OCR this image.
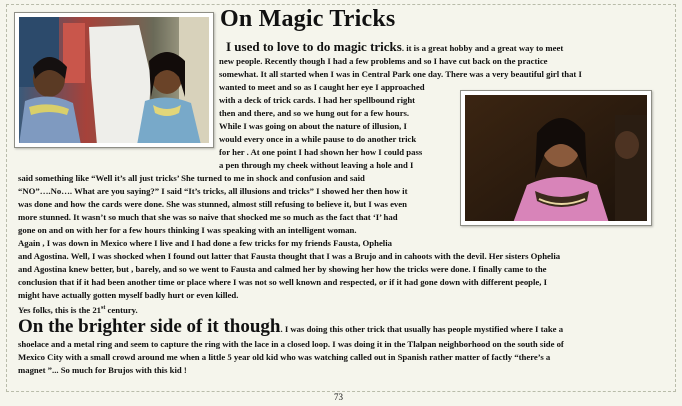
On Magic Tricks
I used to love to do magic tricks. it is a great hobby and a great way to meet
new people. Recently though I had a few problems and so I have cut back on the practice
somewhat. It all started when I was in Central Park one day. There was a very beautiful girl that I
wanted to meet and so as I caught her eye I approached
with a deck of trick cards. I had her spellbound right
then and there, and so we hung out for a few hours.
While I was going on about the nature of illusion, I
would every once in a while pause to do another trick
for her . At one point I had shown her how I could pass
a pen through my cheek without leaving a hole and I
said something like “Well it’s all just tricks’ She turned to me in shock and confusion and said
“NO”….No…. What are you saying?” I said “It’s tricks, all illusions and tricks” I showed her then how it
was done and how the cards were done. She was stunned, almost still refusing to believe it, but I was even
more stunned. It wasn’t so much that she was so naive that shocked me so much as the fact that ‘I’ had
gone on and on with her for a few hours thinking I was speaking with an intelligent woman.
Again , I was down in Mexico where I live and I had done a few tricks for my friends Fausta, Ophelia
and Agostina. Well, I was shocked when I found out latter that Fausta thought that I was a Brujo and in cahoots with the devil. Her sisters Ophelia
and Agostina knew better, but , barely, and so we went to Fausta and calmed her by showing her how the tricks were done. I finally came to the
conclusion that if it had been another time or place where I was not so well known and respected, or if it had gone down with different people, I
might have actually gotten myself badly hurt or even killed.
Yes folks, this is the 21st century.
On the brighter side of it though. I was doing this other trick that usually has people mystified where I take a
shoelace and a metal ring and seem to capture the ring with the lace in a closed loop. I was doing it in the Tlalpan neighborhood on the south side of
Mexico City with a small crowd around me when a little 5 year old kid who was watching called out in Spanish rather matter of factly “there’s a
magnet ”... So much for Brujos with this kid !
73
